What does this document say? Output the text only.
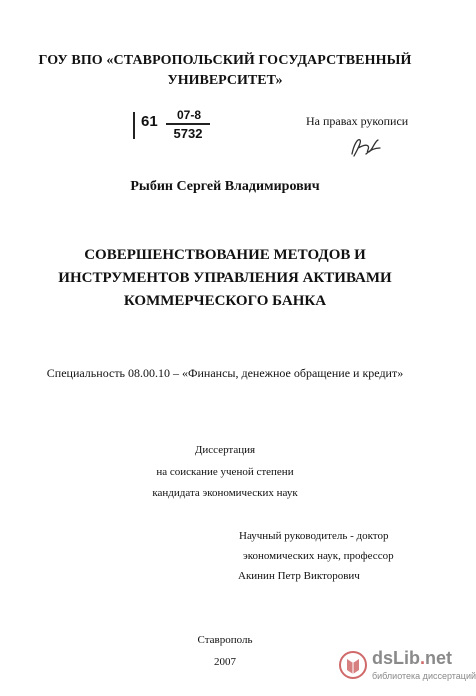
ГОУ ВПО «СТАВРОПОЛЬСКИЙ ГОСУДАРСТВЕННЫЙ
УНИВЕРСИТЕТ»
61	07-8
5732
На правах рукописи
Рыбин Сергей Владимирович
СОВЕРШЕНСТВОВАНИЕ МЕТОДОВ И
ИНСТРУМЕНТОВ УПРАВЛЕНИЯ АКТИВАМИ
КОММЕРЧЕСКОГО БАНКА
Специальность 08.00.10 – «Финансы, денежное обращение и кредит»
Диссертация
на соискание ученой степени
кандидата экономических наук
Научный руководитель - доктор
экономических наук, профессор
Акинин Петр Викторович
Ставрополь
2007	dsLib.net
библиотека диссертаций
